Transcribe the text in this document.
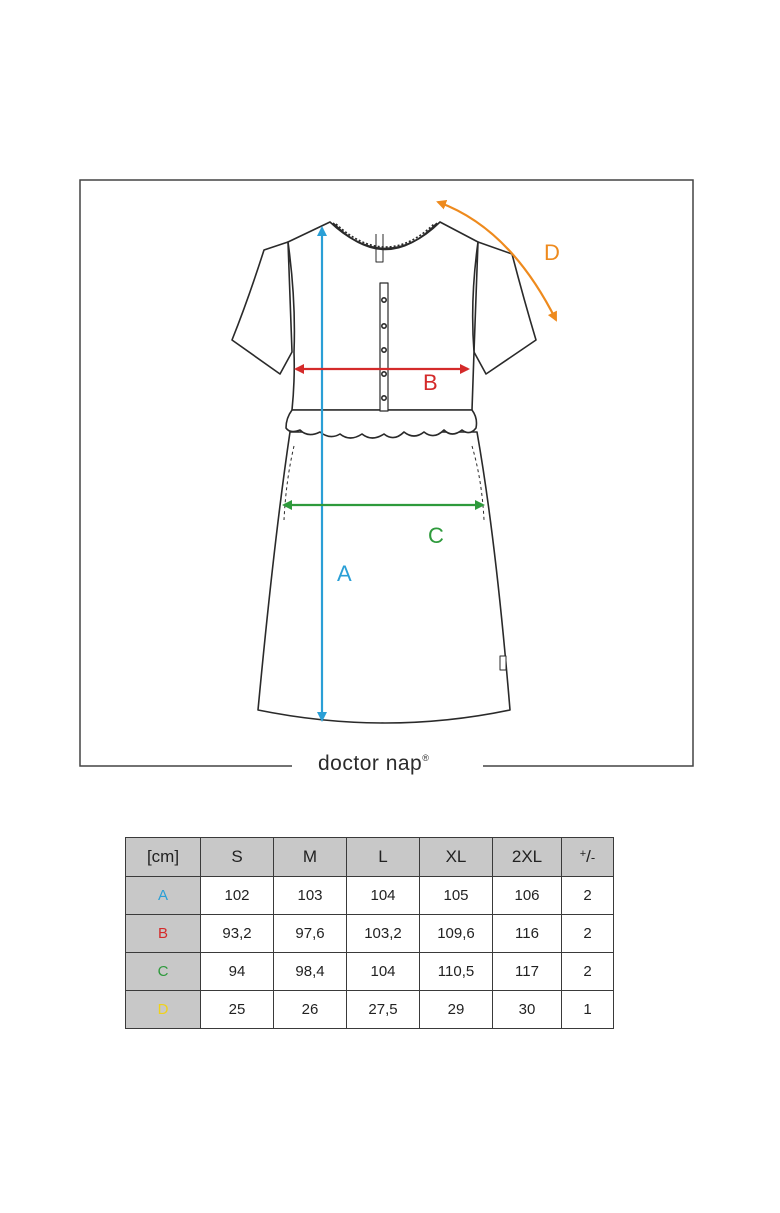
doctor nap®
A
B
C
D
[cm]	S	M	L	XL	2XL	+/-
A	102	103	104	105	106	2
B	93,2	97,6	103,2	109,6	116	2
C	94	98,4	104	110,5	117	2
D	25	26	27,5	29	30	1
